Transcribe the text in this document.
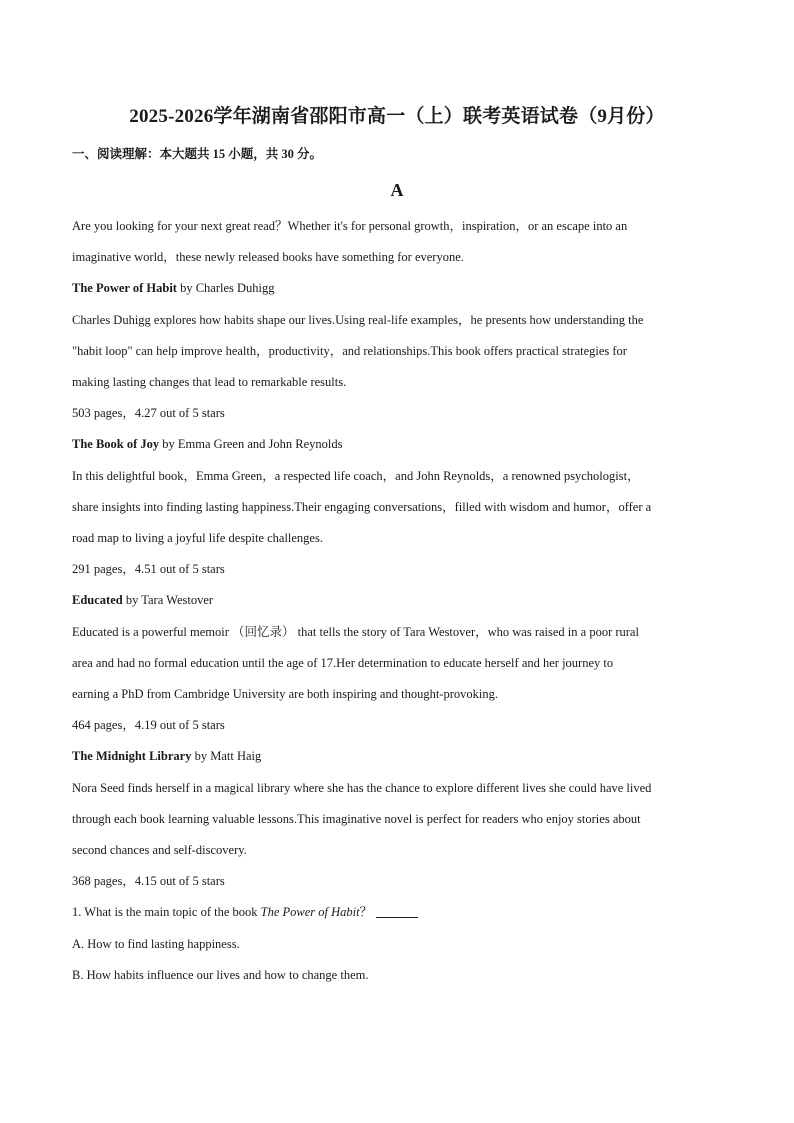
2025-2026学年湖南省邵阳市高一（上）联考英语试卷（9月份）
一、阅读理解：本大题共 15 小题，共 30 分。
A
Are you looking for your next great read？Whether it's for personal growth，inspiration，or an escape into an
imaginative world，these newly released books have something for everyone.
The Power of Habit by Charles Duhigg
Charles Duhigg explores how habits shape our lives.Using real-life examples，he presents how understanding the
"habit loop" can help improve health，productivity，and relationships.This book offers practical strategies for
making lasting changes that lead to remarkable results.
503 pages，4.27 out of 5 stars
The Book of Joy by Emma Green and John Reynolds
In this delightful book，Emma Green，a respected life coach，and John Reynolds，a renowned psychologist，
share insights into finding lasting happiness.Their engaging conversations，filled with wisdom and humor，offer a
road map to living a joyful life despite challenges.
291 pages，4.51 out of 5 stars
Educated by Tara Westover
Educated is a powerful memoir （回忆录） that tells the story of Tara Westover，who was raised in a poor rural
area and had no formal education until the age of 17.Her determination to educate herself and her journey to
earning a PhD from Cambridge University are both inspiring and thought-provoking.
464 pages，4.19 out of 5 stars
The Midnight Library by Matt Haig
Nora Seed finds herself in a magical library where she has the chance to explore different lives she could have lived
through each book learning valuable lessons.This imaginative novel is perfect for readers who enjoy stories about
second chances and self-discovery.
368 pages，4.15 out of 5 stars
1. What is the main topic of the book The Power of Habit？
A. How to find lasting happiness.
B. How habits influence our lives and how to change them.
